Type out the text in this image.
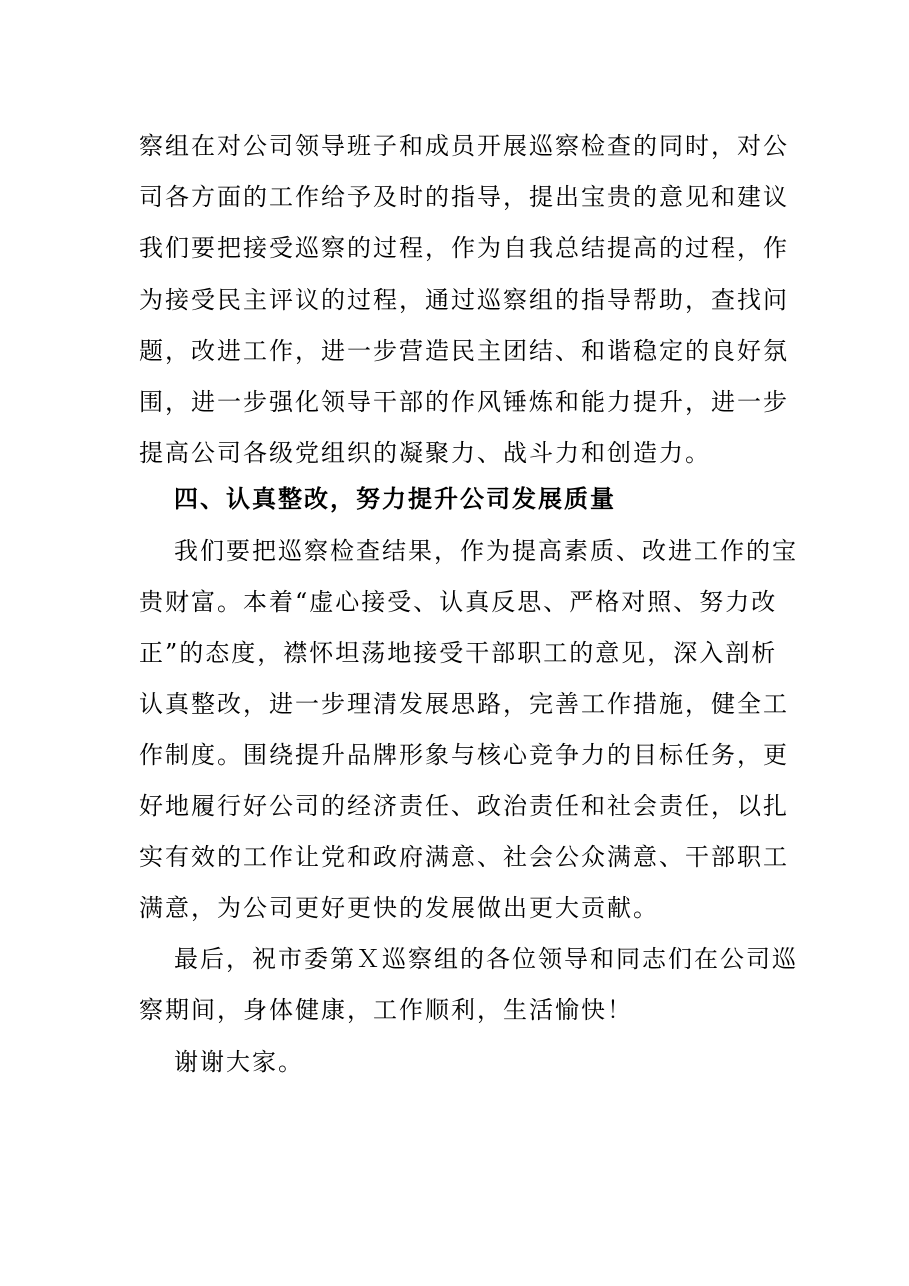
察组在对公司领导班子和成员开展巡察检查的同时，对公
司各方面的工作给予及时的指导，提出宝贵的意见和建议
我们要把接受巡察的过程，作为自我总结提高的过程，作
为接受民主评议的过程，通过巡察组的指导帮助，查找问
题，改进工作，进一步营造民主团结、和谐稳定的良好氛
围，进一步强化领导干部的作风锤炼和能力提升，进一步
提高公司各级党组织的凝聚力、战斗力和创造力。
四、认真整改，努力提升公司发展质量
我们要把巡察检查结果，作为提高素质、改进工作的宝
贵财富。本着“虚心接受、认真反思、严格对照、努力改
正”的态度，襟怀坦荡地接受干部职工的意见，深入剖析
认真整改，进一步理清发展思路，完善工作措施，健全工
作制度。围绕提升品牌形象与核心竞争力的目标任务，更
好地履行好公司的经济责任、政治责任和社会责任，以扎
实有效的工作让党和政府满意、社会公众满意、干部职工
满意，为公司更好更快的发展做出更大贡献。
最后，祝市委第Ｘ巡察组的各位领导和同志们在公司巡
察期间，身体健康，工作顺利，生活愉快！
谢谢大家。
